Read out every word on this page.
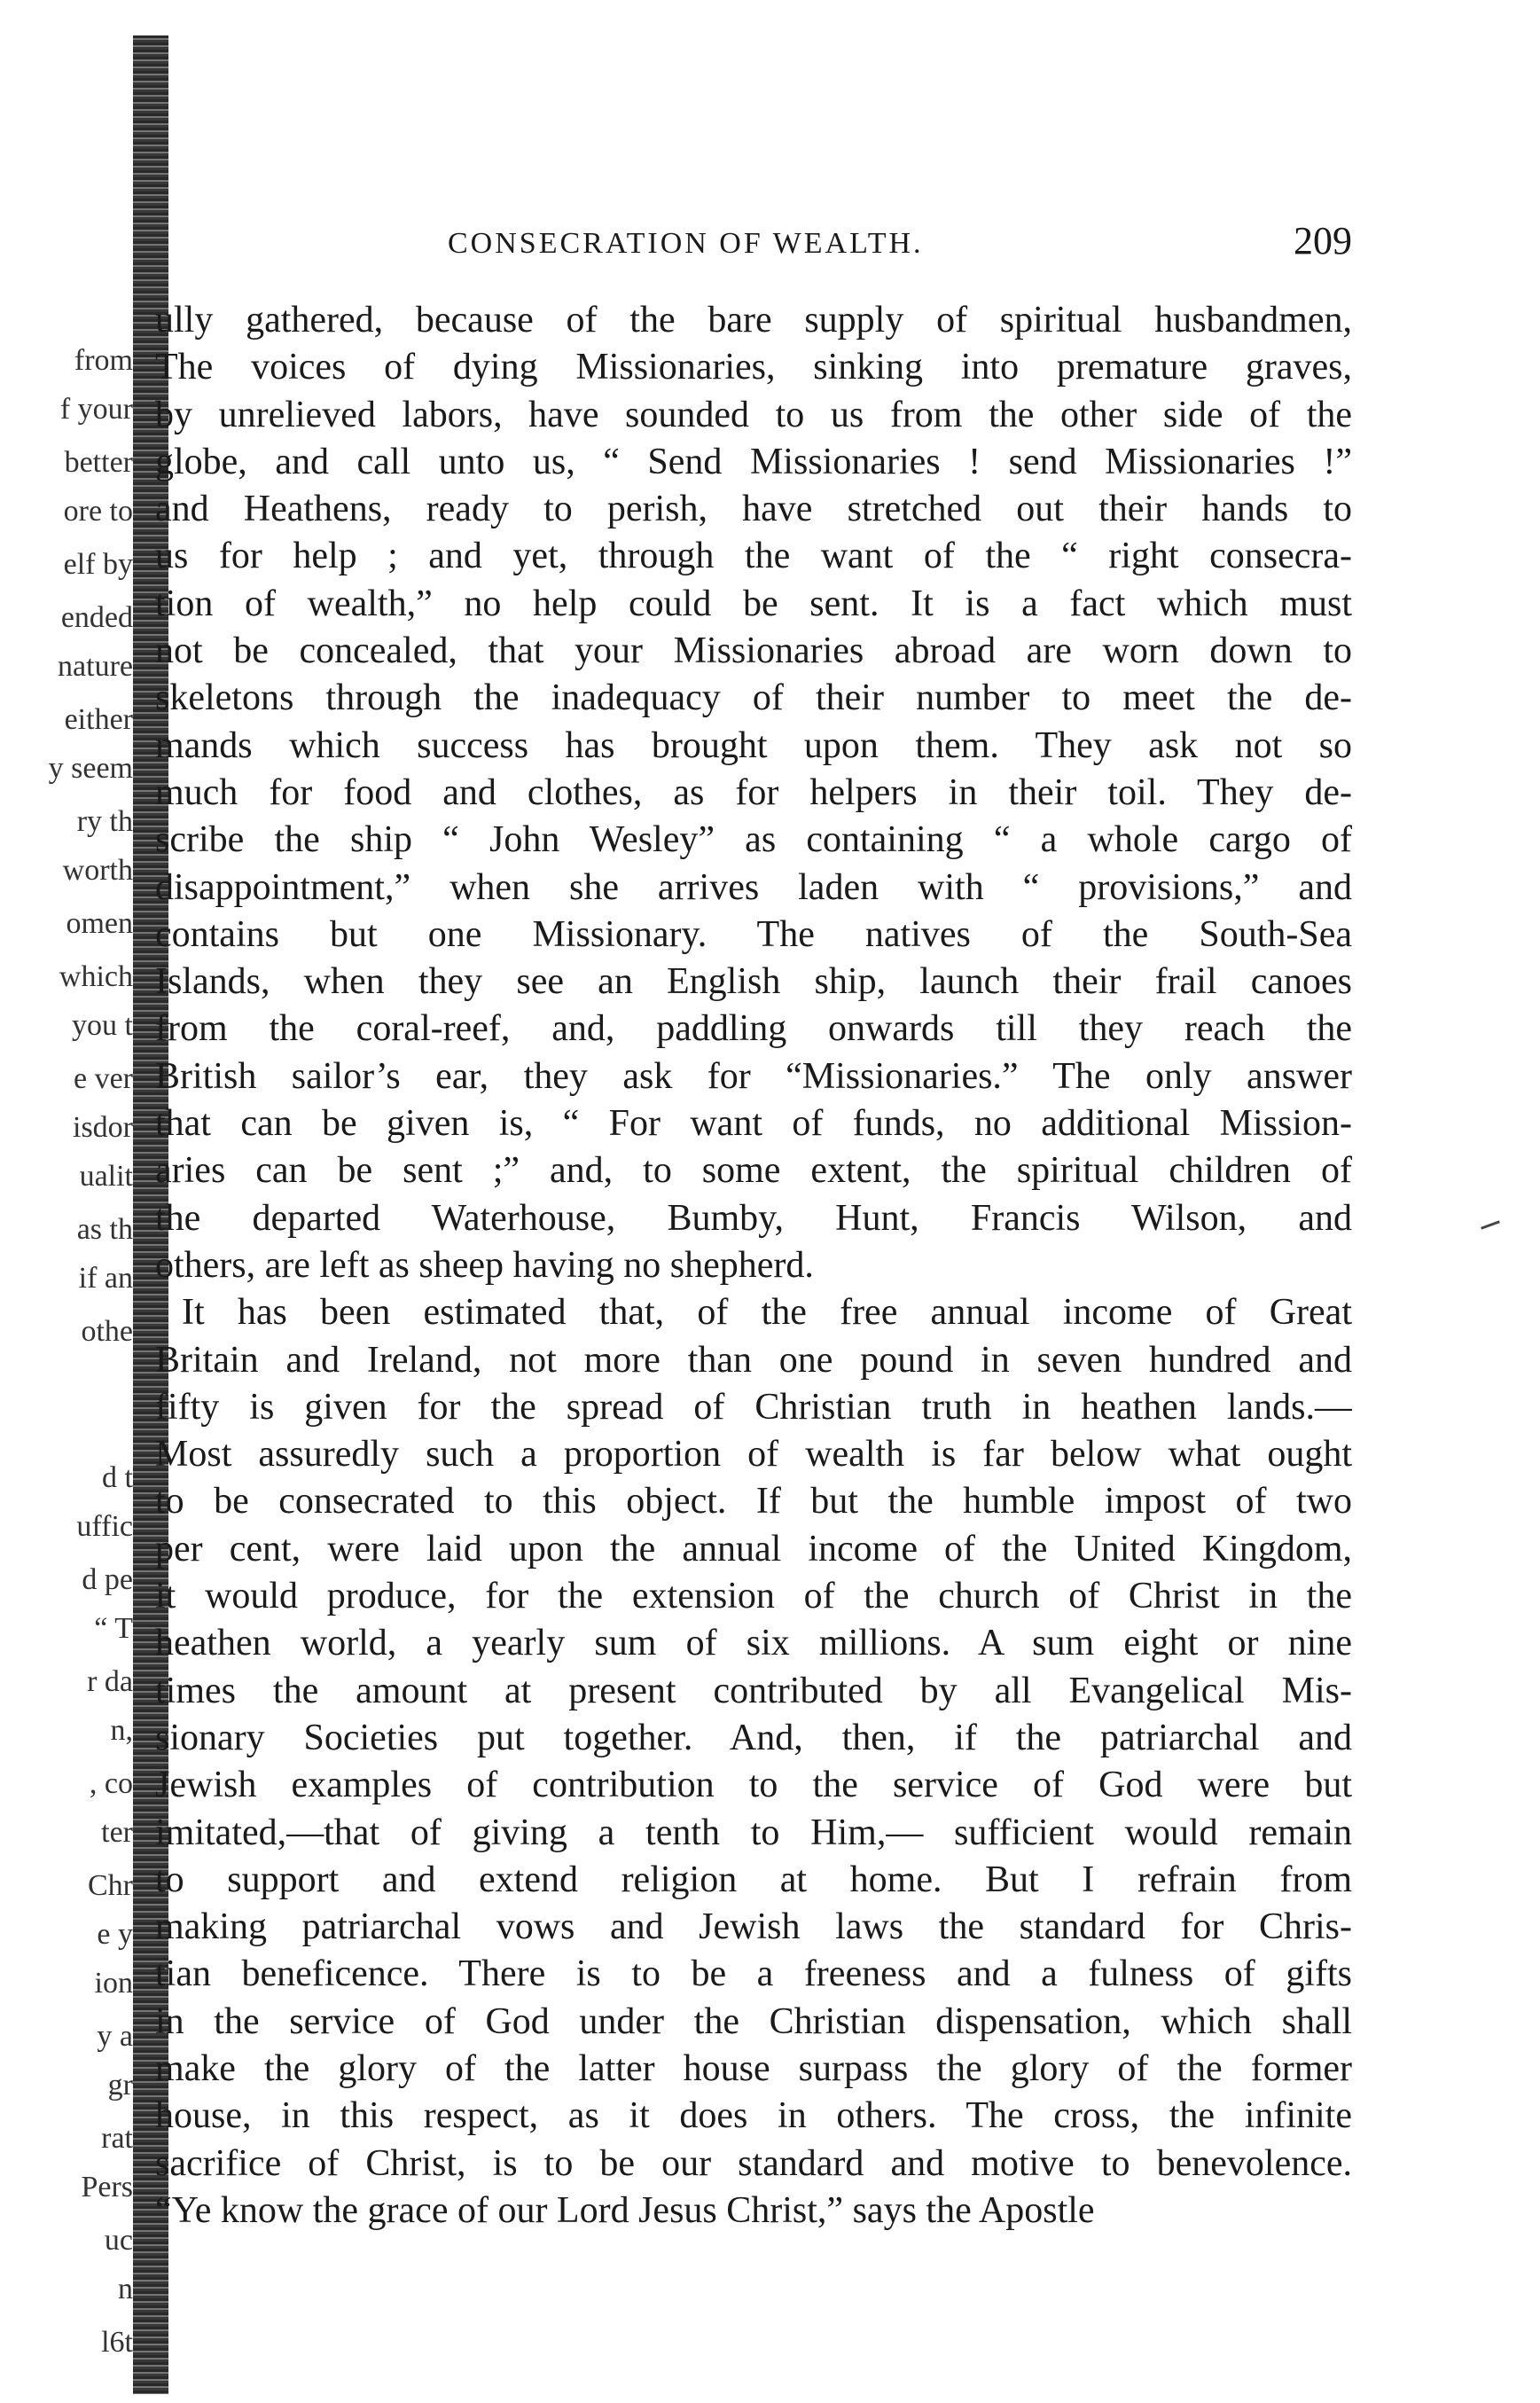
from
f your
better
ore to
elf by
ended
nature
either
y seem
ry th
worth
omen
which
you t
e ver
isdor
ualit
as th
if an
othe
d t
uffic
d pe
“ T
r da
n,
, co
ter
Chr
e y
ion
y a
gr
rat
Pers
uc
n
l6t
CONSECRATION OF WEALTH.	209
ully gathered, because of the bare supply of spiritual husbandmen,
The voices of dying Missionaries, sinking into premature graves,
by unrelieved labors, have sounded to us from the other side of the
globe, and call unto us, “ Send Missionaries ! send Missionaries !”
and Heathens, ready to perish, have stretched out their hands to
us for help ; and yet, through the want of the “ right consecra-
tion of wealth,” no help could be sent. It is a fact which must
not be concealed, that your Missionaries abroad are worn down to
skeletons through the inadequacy of their number to meet the de-
mands which success has brought upon them. They ask not so
much for food and clothes, as for helpers in their toil. They de-
scribe the ship “ John Wesley” as containing “ a whole cargo of
disappointment,” when she arrives laden with “ provisions,” and
contains but one Missionary. The natives of the South-Sea
Islands, when they see an English ship, launch their frail canoes
from the coral-reef, and, paddling onwards till they reach the
British sailor’s ear, they ask for “Missionaries.” The only answer
that can be given is, “ For want of funds, no additional Mission-
aries can be sent ;” and, to some extent, the spiritual children of
the departed Waterhouse, Bumby, Hunt, Francis Wilson, and
others, are left as sheep having no shepherd.
It has been estimated that, of the free annual income of Great
Britain and Ireland, not more than one pound in seven hundred and
fifty is given for the spread of Christian truth in heathen lands.—
Most assuredly such a proportion of wealth is far below what ought
to be consecrated to this object. If but the humble impost of two
per cent, were laid upon the annual income of the United Kingdom,
it would produce, for the extension of the church of Christ in the
heathen world, a yearly sum of six millions. A sum eight or nine
times the amount at present contributed by all Evangelical Mis-
sionary Societies put together. And, then, if the patriarchal and
Jewish examples of contribution to the service of God were but
imitated,—that of giving a tenth to Him,— sufficient would remain
to support and extend religion at home. But I refrain from
making patriarchal vows and Jewish laws the standard for Chris-
tian beneficence. There is to be a freeness and a fulness of gifts
in the service of God under the Christian dispensation, which shall
make the glory of the latter house surpass the glory of the former
house, in this respect, as it does in others. The cross, the infinite
sacrifice of Christ, is to be our standard and motive to benevolence.
“Ye know the grace of our Lord Jesus Christ,” says the Apostle
